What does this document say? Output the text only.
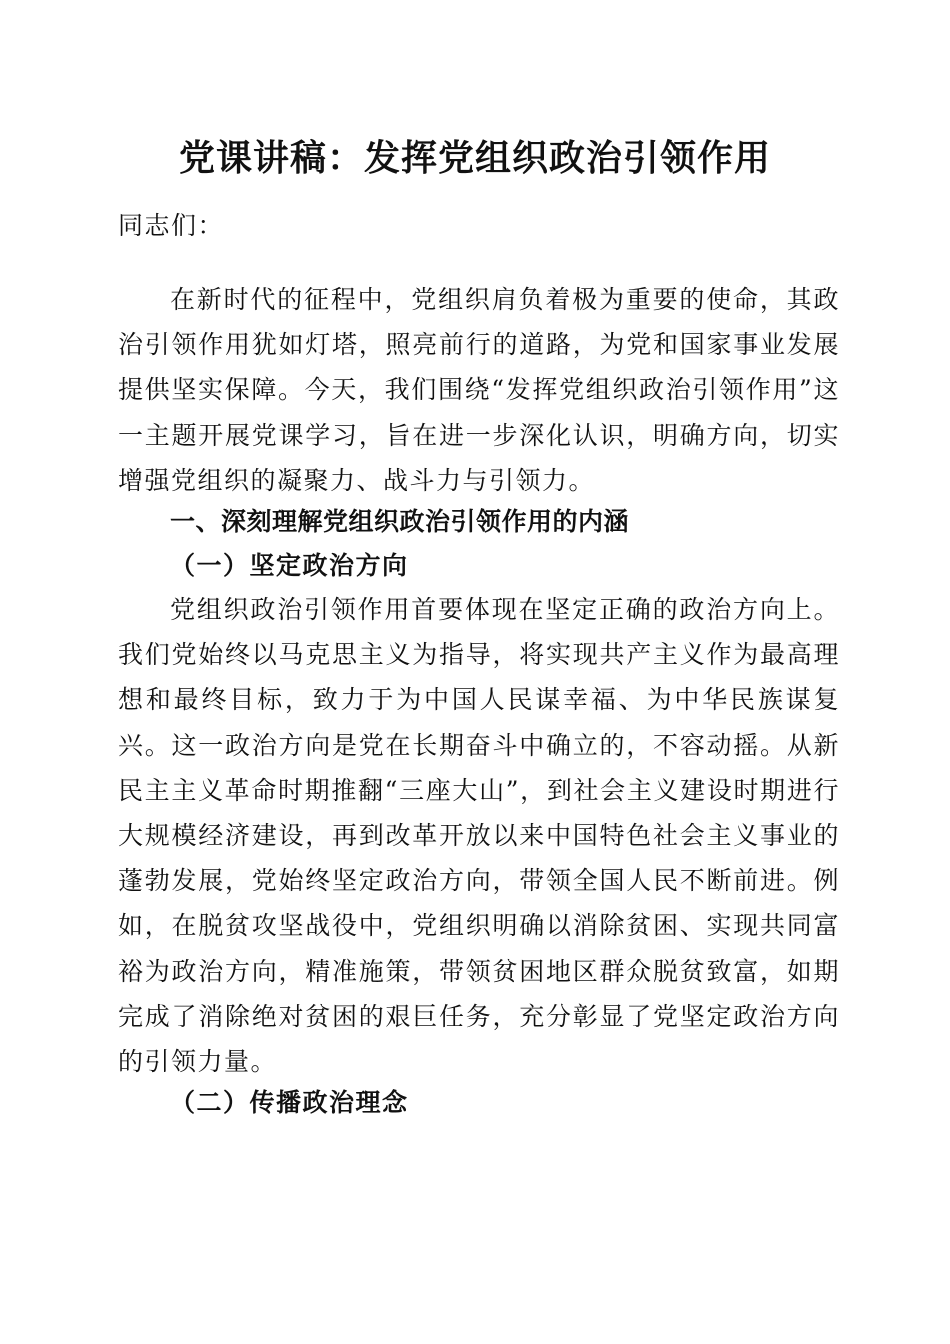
党课讲稿：发挥党组织政治引领作用

同志们：

在新时代的征程中，党组织肩负着极为重要的使命，其政治引领作用犹如灯塔，照亮前行的道路，为党和国家事业发展提供坚实保障。今天，我们围绕“发挥党组织政治引领作用”这一主题开展党课学习，旨在进一步深化认识，明确方向，切实增强党组织的凝聚力、战斗力与引领力。

一、深刻理解党组织政治引领作用的内涵
（一）坚定政治方向

党组织政治引领作用首要体现在坚定正确的政治方向上。我们党始终以马克思主义为指导，将实现共产主义作为最高理想和最终目标，致力于为中国人民谋幸福、为中华民族谋复兴。这一政治方向是党在长期奋斗中确立的，不容动摇。从新民主主义革命时期推翻“三座大山”，到社会主义建设时期进行大规模经济建设，再到改革开放以来中国特色社会主义事业的蓬勃发展，党始终坚定政治方向，带领全国人民不断前进。例如，在脱贫攻坚战役中，党组织明确以消除贫困、实现共同富裕为政治方向，精准施策，带领贫困地区群众脱贫致富，如期完成了消除绝对贫困的艰巨任务，充分彰显了党坚定政治方向的引领力量。

（二）传播政治理念
